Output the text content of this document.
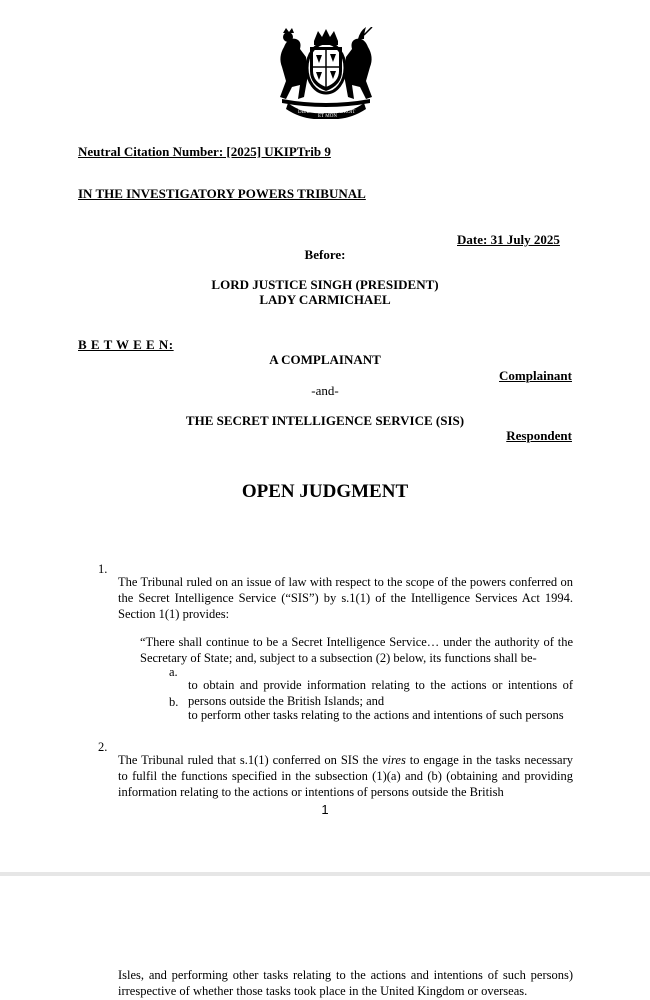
DIEU
ET MON
DROIT

Neutral Citation Number: [2025] UKIPTrib 9

IN THE INVESTIGATORY POWERS TRIBUNAL

Date: 31 July 2025

Before:

LORD JUSTICE SINGH (PRESIDENT)

LADY CARMICHAEL

B E T W E E N:

A COMPLAINANT

Complainant

-and-

THE SECRET INTELLIGENCE SERVICE (SIS)

Respondent

OPEN JUDGMENT
1.

The Tribunal ruled on an issue of law with respect to the scope of the powers conferred on the Secret Intelligence Service (“SIS”) by s.1(1) of the Intelligence Services Act 1994. Section 1(1) provides:

“There shall continue to be a Secret Intelligence Service… under the authority of the Secretary of State; and, subject to a subsection (2) below, its functions shall be-

a.

to obtain and provide information relating to the actions or intentions of persons outside the British Islands; and

b.

to perform other tasks relating to the actions and intentions of such persons

2.

The Tribunal ruled that s.1(1) conferred on SIS the vires to engage in the tasks necessary to fulfil the functions specified in the subsection (1)(a) and (b) (obtaining and providing information relating to the actions or intentions of persons outside the British

1

Isles, and performing other tasks relating to the actions and intentions of such persons) irrespective of whether those tasks took place in the United Kingdom or overseas.
